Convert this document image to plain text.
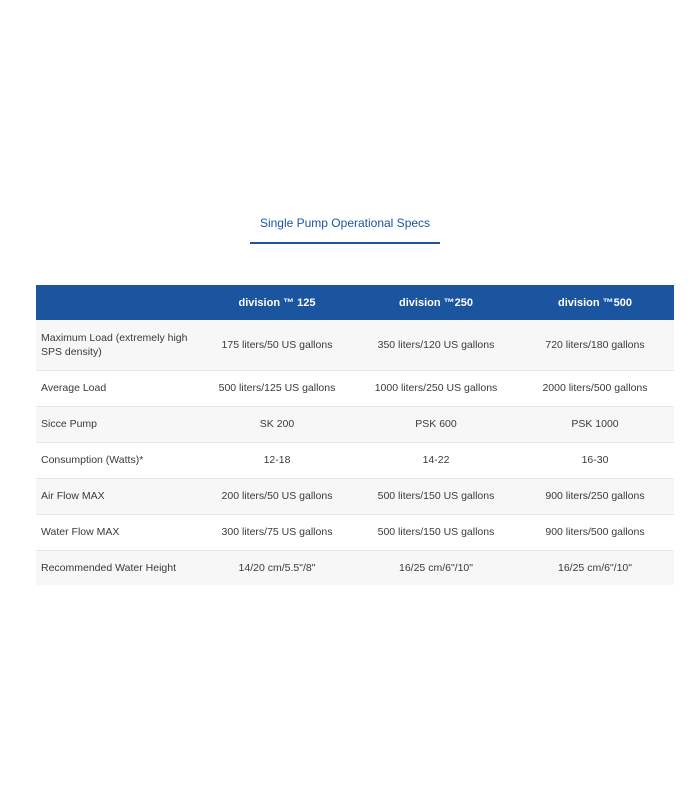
Single Pump Operational Specs
	division ™ 125	division ™250	division ™500
Maximum Load (extremely high SPS density)	175 liters/50 US gallons	350 liters/120 US gallons	720 liters/180 gallons
Average Load	500 liters/125 US gallons	1000 liters/250 US gallons	2000 liters/500 gallons
Sicce Pump	SK 200	PSK 600	PSK 1000
Consumption (Watts)*	12-18	14-22	16-30
Air Flow MAX	200 liters/50 US gallons	500 liters/150 US gallons	900 liters/250 gallons
Water Flow MAX	300 liters/75 US gallons	500 liters/150 US gallons	900 liters/500 gallons
Recommended Water Height	14/20 cm/5.5"/8"	16/25 cm/6"/10"	16/25 cm/6"/10"
